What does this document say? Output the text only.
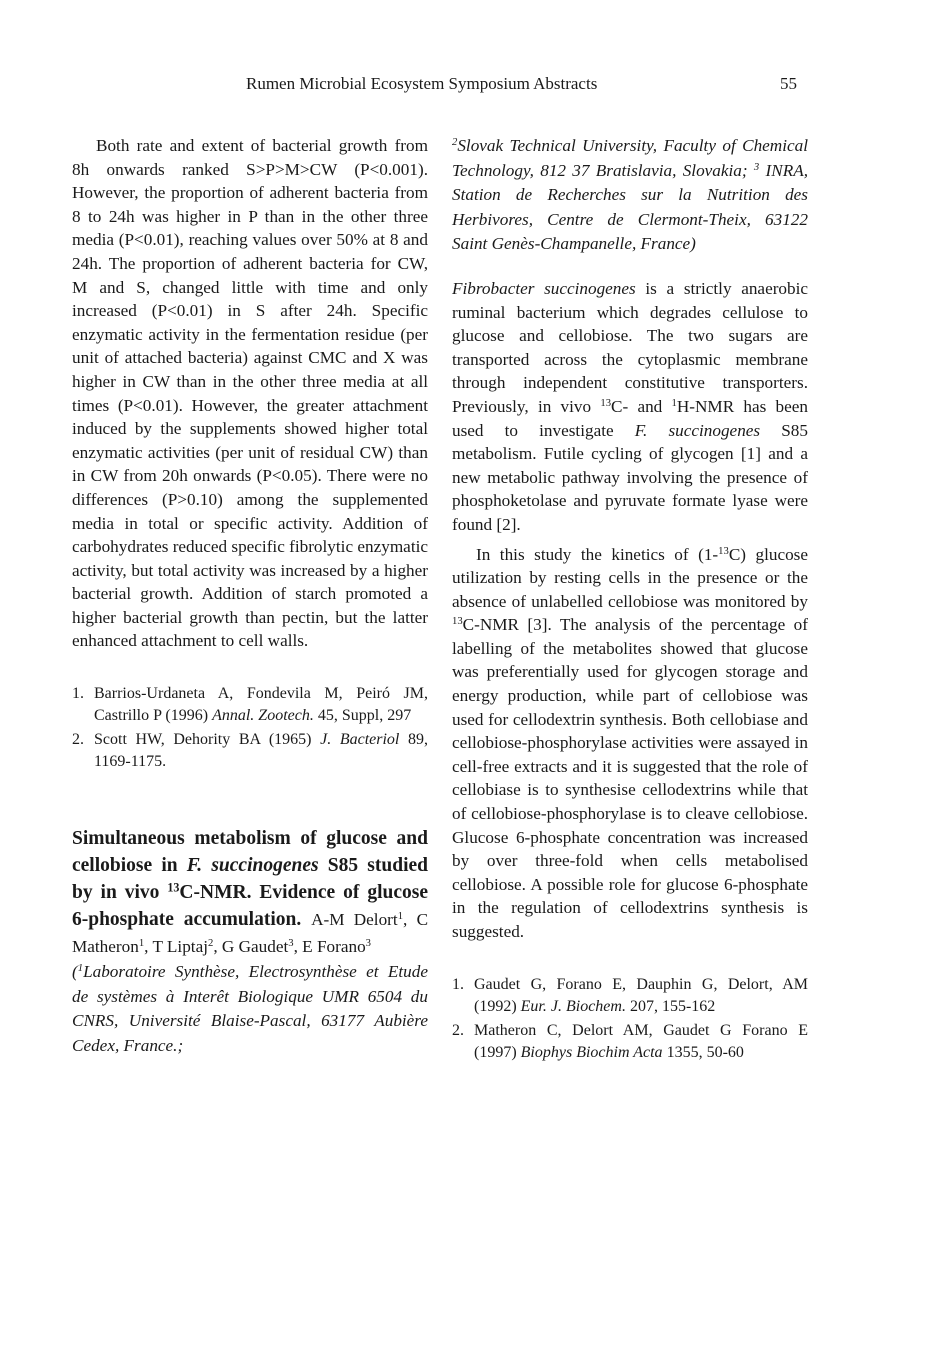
Rumen Microbial Ecosystem Symposium Abstracts	55

Both rate and extent of bacterial growth from 8h onwards ranked S>P>M>CW (P<0.001). However, the proportion of adherent bacteria from 8 to 24h was higher in P than in the other three media (P<0.01), reaching values over 50% at 8 and 24h. The proportion of adherent bacteria for CW, M and S, changed little with time and only increased (P<0.01) in S after 24h. Specific enzymatic activity in the fermentation residue (per unit of attached bacteria) against CMC and X was higher in CW than in the other three media at all times (P<0.01). However, the greater attachment induced by the supplements showed higher total enzymatic activities (per unit of residual CW) than in CW from 20h onwards (P<0.05). There were no differences (P>0.10) among the supplemented media in total or specific activity. Addition of carbohydrates reduced specific fibrolytic enzymatic activity, but total activity was increased by a higher bacterial growth. Addition of starch promoted a higher bacterial growth than pectin, but the latter enhanced attachment to cell walls.

1. Barrios-Urdaneta A, Fondevila M, Peiró JM, Castrillo P (1996) Annal. Zootech. 45, Suppl, 297
2. Scott HW, Dehority BA (1965) J. Bacteriol 89, 1169-1175.

Simultaneous metabolism of glucose and cellobiose in F. succinogenes S85 studied by in vivo $^{13}$C-NMR. Evidence of glucose 6-phosphate accumulation. A-M Delort$^1$, C Matheron$^1$, T Liptaj$^2$, G Gaudet$^3$, E Forano$^3$

($^1$Laboratoire Synthèse, Electrosynthèse et Etude de systèmes à Interêt Biologique UMR 6504 du CNRS, Université Blaise-Pascal, 63177 Aubière Cedex, France.;

$^2$Slovak Technical University, Faculty of Chemical Technology, 812 37 Bratislavia, Slovakia; $^3$ INRA, Station de Recherches sur la Nutrition des Herbivores, Centre de Clermont-Theix, 63122 Saint Genès-Champanelle, France)

Fibrobacter succinogenes is a strictly anaerobic ruminal bacterium which degrades cellulose to glucose and cellobiose. The two sugars are transported across the cytoplasmic membrane through independent constitutive transporters. Previously, in vivo $^{13}$C- and $^1$H-NMR has been used to investigate F. succinogenes S85 metabolism. Futile cycling of glycogen [1] and a new metabolic pathway involving the presence of phosphoketolase and pyruvate formate lyase were found [2].

In this study the kinetics of (1-$^{13}$C) glucose utilization by resting cells in the presence or the absence of unlabelled cellobiose was monitored by $^{13}$C-NMR [3]. The analysis of the percentage of labelling of the metabolites showed that glucose was preferentially used for glycogen storage and energy production, while part of cellobiose was used for cellodextrin synthesis. Both cellobiase and cellobiose-phosphorylase activities were assayed in cell-free extracts and it is suggested that the role of cellobiase is to synthesise cellodextrins while that of cellobiose-phosphorylase is to cleave cellobiose. Glucose 6-phosphate concentration was increased by over three-fold when cells metabolised cellobiose. A possible role for glucose 6-phosphate in the regulation of cellodextrins synthesis is suggested.

1. Gaudet G, Forano E, Dauphin G, Delort, AM (1992) Eur. J. Biochem. 207, 155-162
2. Matheron C, Delort AM, Gaudet G Forano E (1997) Biophys Biochim Acta 1355, 50-60
